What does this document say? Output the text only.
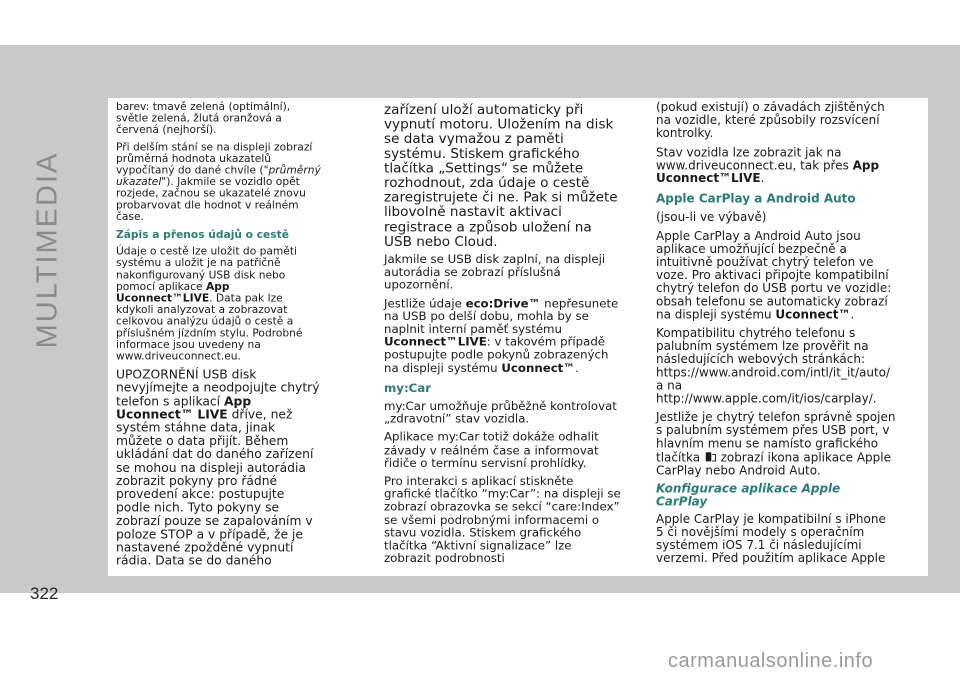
MULTIMEDIA

barev: tmavě zelená (optimální), světle zelená, žlutá oranžová a červená (nejhorší).

Při delším stání se na displeji zobrazí průměrná hodnota ukazatelů vypočítaný do dané chvíle ("průměrný ukazatel"). Jakmile se vozidlo opět rozjede, začnou se ukazatelé znovu probarvovat dle hodnot v reálném čase.

Zápis a přenos údajů o cestě

Údaje o cestě lze uložit do paměti systému a uložit je na patřičně nakonfigurovaný USB disk nebo pomocí aplikace App Uconnect™LIVE. Data pak lze kdykoli analyzovat a zobrazovat celkovou analýzu údajů o cestě a příslušném jízdním stylu. Podrobné informace jsou uvedeny na www.driveuconnect.eu.

UPOZORNĚNÍ USB disk nevyjímejte a neodpojujte chytrý telefon s aplikací App Uconnect™ LIVE dříve, než systém stáhne data, jinak můžete o data přijít. Během ukládání dat do daného zařízení se mohou na displeji autorádia zobrazit pokyny pro řádné provedení akce: postupujte podle nich. Tyto pokyny se zobrazí pouze se zapalováním v poloze STOP a v případě, že je nastavené zpožděné vypnutí rádia. Data se do daného

zařízení uloží automaticky při vypnutí motoru. Uložením na disk se data vymažou z paměti systému. Stiskem grafického tlačítka „Settings“ se můžete rozhodnout, zda údaje o cestě zaregistrujete či ne. Pak si můžete libovolně nastavit aktivaci registrace a způsob uložení na USB nebo Cloud.

Jakmile se USB disk zaplní, na displeji autorádia se zobrazí příslušná upozornění.

Jestliže údaje eco:Drive™ nepřesunete na USB po delší dobu, mohla by se naplnit interní paměť systému Uconnect™LIVE: v takovém případě postupujte podle pokynů zobrazených na displeji systému Uconnect™.

my:Car

my:Car umožňuje průběžně kontrolovat „zdravotní” stav vozidla.

Aplikace my:Car totiž dokáže odhalit závady v reálném čase a informovat řidiče o termínu servisní prohlídky.

Pro interakci s aplikací stiskněte grafické tlačítko “my:Car”: na displeji se zobrazí obrazovka se sekcí “care:Index” se všemi podrobnými informacemi o stavu vozidla. Stiskem grafického tlačítka “Aktivní signalizace” lze zobrazit podrobnosti

(pokud existují) o závadách zjištěných na vozidle, které způsobily rozsvícení kontrolky.

Stav vozidla lze zobrazit jak na www.driveuconnect.eu, tak přes App Uconnect™LIVE.

Apple CarPlay a Android Auto

(jsou-li ve výbavě)

Apple CarPlay a Android Auto jsou aplikace umožňující bezpečně a intuitivně používat chytrý telefon ve voze. Pro aktivaci připojte kompatibilní chytrý telefon do USB portu ve vozidle: obsah telefonu se automaticky zobrazí na displeji systému Uconnect™.

Kompatibilitu chytrého telefonu s palubním systémem lze prověřit na následujících webových stránkách: https://www.android.com/intl/it_it/auto/ a na http://www.apple.com/it/ios/carplay/.

Jestliže je chytrý telefon správně spojen s palubním systémem přes USB port, v hlavním menu se namísto grafického tlačítka  zobrazí ikona aplikace Apple CarPlay nebo Android Auto.

Konfigurace aplikace Apple CarPlay

Apple CarPlay je kompatibilní s iPhone 5 či novějšími modely s operačním systémem iOS 7.1 či následujícími verzemi. Před použitím aplikace Apple

322
carmanualsonline.info
